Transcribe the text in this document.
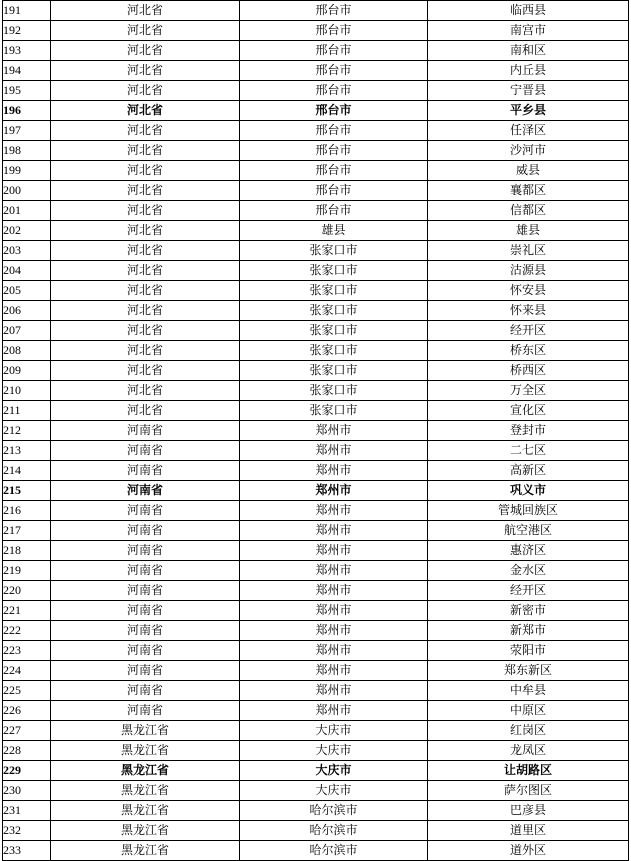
191	河北省	邢台市	临西县
192	河北省	邢台市	南宫市
193	河北省	邢台市	南和区
194	河北省	邢台市	内丘县
195	河北省	邢台市	宁晋县
196	河北省	邢台市	平乡县
197	河北省	邢台市	任泽区
198	河北省	邢台市	沙河市
199	河北省	邢台市	威县
200	河北省	邢台市	襄都区
201	河北省	邢台市	信都区
202	河北省	雄县	雄县
203	河北省	张家口市	崇礼区
204	河北省	张家口市	沽源县
205	河北省	张家口市	怀安县
206	河北省	张家口市	怀来县
207	河北省	张家口市	经开区
208	河北省	张家口市	桥东区
209	河北省	张家口市	桥西区
210	河北省	张家口市	万全区
211	河北省	张家口市	宣化区
212	河南省	郑州市	登封市
213	河南省	郑州市	二七区
214	河南省	郑州市	高新区
215	河南省	郑州市	巩义市
216	河南省	郑州市	管城回族区
217	河南省	郑州市	航空港区
218	河南省	郑州市	惠济区
219	河南省	郑州市	金水区
220	河南省	郑州市	经开区
221	河南省	郑州市	新密市
222	河南省	郑州市	新郑市
223	河南省	郑州市	荥阳市
224	河南省	郑州市	郑东新区
225	河南省	郑州市	中牟县
226	河南省	郑州市	中原区
227	黑龙江省	大庆市	红岗区
228	黑龙江省	大庆市	龙凤区
229	黑龙江省	大庆市	让胡路区
230	黑龙江省	大庆市	萨尔图区
231	黑龙江省	哈尔滨市	巴彦县
232	黑龙江省	哈尔滨市	道里区
233	黑龙江省	哈尔滨市	道外区
